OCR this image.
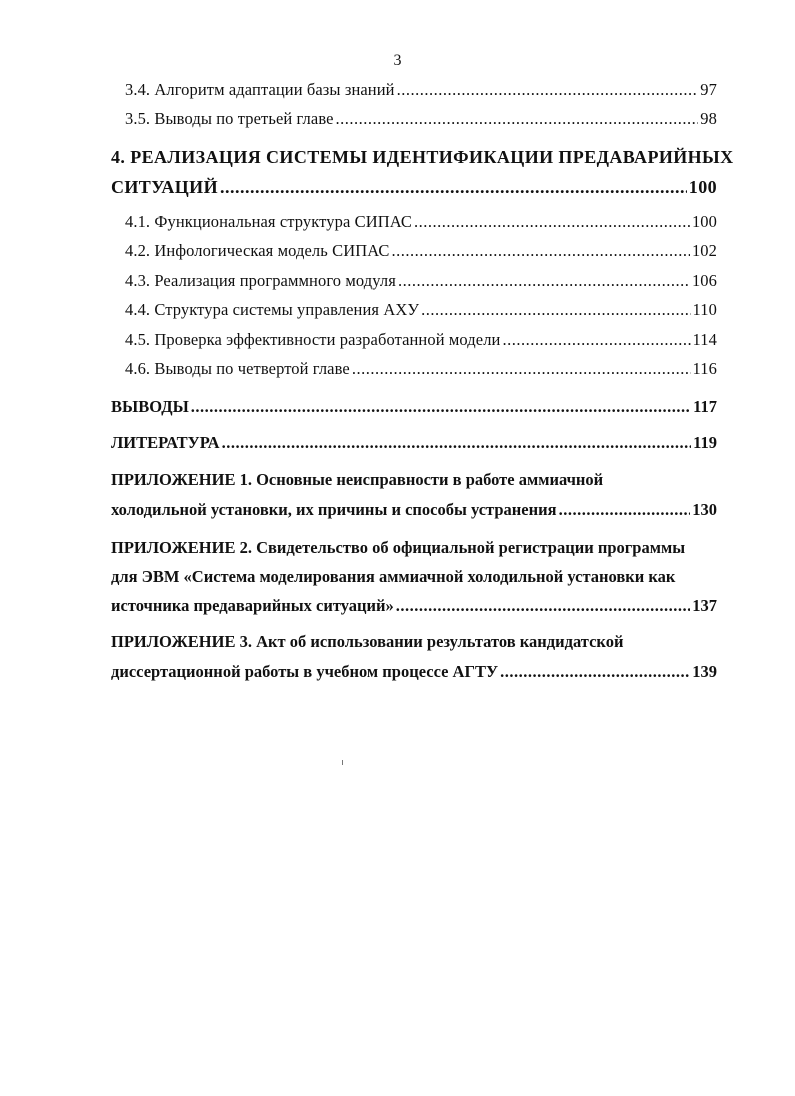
3
3.4. Алгоритм адаптации базы знаний .....	97
3.5. Выводы по третьей главе .....	98
4. РЕАЛИЗАЦИЯ СИСТЕМЫ ИДЕНТИФИКАЦИИ ПРЕДАВАРИЙНЫХ
СИТУАЦИЙ .....	100
4.1. Функциональная структура СИПАС .....	100
4.2. Инфологическая модель СИПАС .....	102
4.3. Реализация программного модуля .....	106
4.4. Структура системы управления АХУ .....	110
4.5. Проверка эффективности разработанной модели .....	114
4.6. Выводы по четвертой главе .....	116
ВЫВОДЫ .....	117
ЛИТЕРАТУРА .....	119
ПРИЛОЖЕНИЕ 1. Основные неисправности в работе аммиачной
холодильной установки, их причины и способы устранения .....	130
ПРИЛОЖЕНИЕ 2. Свидетельство об официальной регистрации программы
для ЭВМ «Система моделирования аммиачной холодильной установки как
источника предаварийных ситуаций» .....	137
ПРИЛОЖЕНИЕ 3. Акт об использовании результатов кандидатской
диссертационной работы в учебном процессе АГТУ .....	139
